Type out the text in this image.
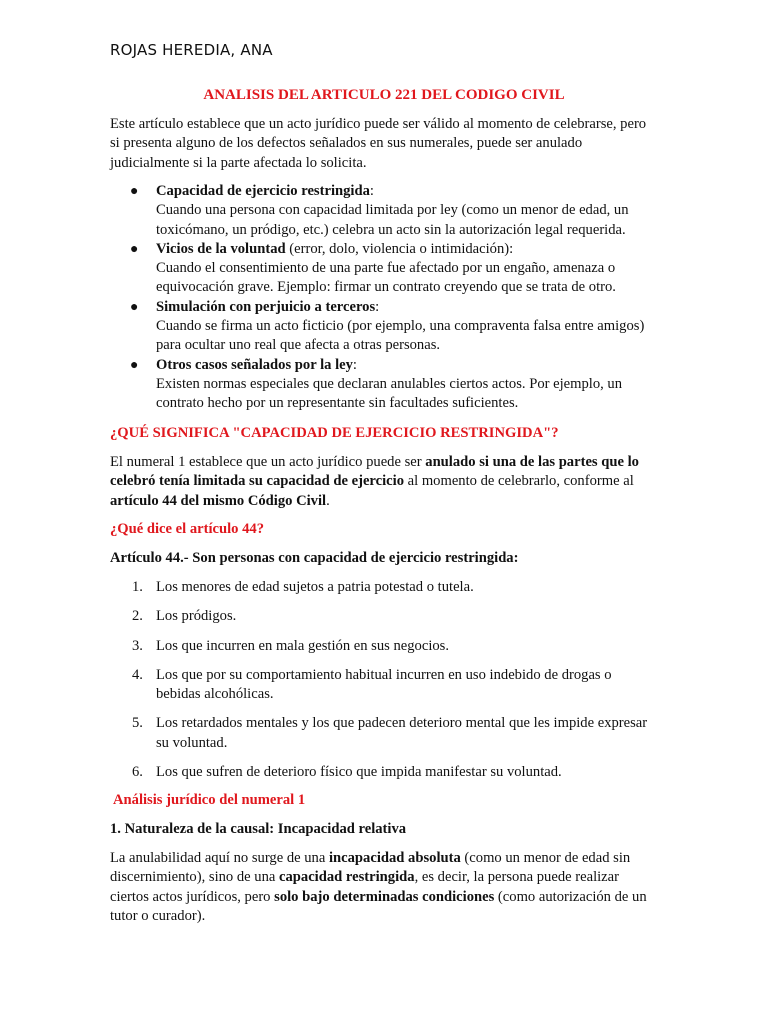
ROJAS HEREDIA, ANA
ANALISIS DEL ARTICULO 221 DEL CODIGO CIVIL
Este artículo establece que un acto jurídico puede ser válido al momento de celebrarse, pero si presenta alguno de los defectos señalados en sus numerales, puede ser anulado judicialmente si la parte afectada lo solicita.
● Capacidad de ejercicio restringida:
Cuando una persona con capacidad limitada por ley (como un menor de edad, un toxicómano, un pródigo, etc.) celebra un acto sin la autorización legal requerida.
● Vicios de la voluntad (error, dolo, violencia o intimidación):
Cuando el consentimiento de una parte fue afectado por un engaño, amenaza o equivocación grave. Ejemplo: firmar un contrato creyendo que se trata de otro.
● Simulación con perjuicio a terceros:
Cuando se firma un acto ficticio (por ejemplo, una compraventa falsa entre amigos) para ocultar uno real que afecta a otras personas.
● Otros casos señalados por la ley:
Existen normas especiales que declaran anulables ciertos actos. Por ejemplo, un contrato hecho por un representante sin facultades suficientes.
¿QUÉ SIGNIFICA "CAPACIDAD DE EJERCICIO RESTRINGIDA"?
El numeral 1 establece que un acto jurídico puede ser anulado si una de las partes que lo celebró tenía limitada su capacidad de ejercicio al momento de celebrarlo, conforme al artículo 44 del mismo Código Civil.
¿Qué dice el artículo 44?
Artículo 44.- Son personas con capacidad de ejercicio restringida:
1. Los menores de edad sujetos a patria potestad o tutela.
2. Los pródigos.
3. Los que incurren en mala gestión en sus negocios.
4. Los que por su comportamiento habitual incurren en uso indebido de drogas o bebidas alcohólicas.
5. Los retardados mentales y los que padecen deterioro mental que les impide expresar su voluntad.
6. Los que sufren de deterioro físico que impida manifestar su voluntad.
Análisis jurídico del numeral 1
1. Naturaleza de la causal: Incapacidad relativa
La anulabilidad aquí no surge de una incapacidad absoluta (como un menor de edad sin discernimiento), sino de una capacidad restringida, es decir, la persona puede realizar ciertos actos jurídicos, pero solo bajo determinadas condiciones (como autorización de un tutor o curador).
